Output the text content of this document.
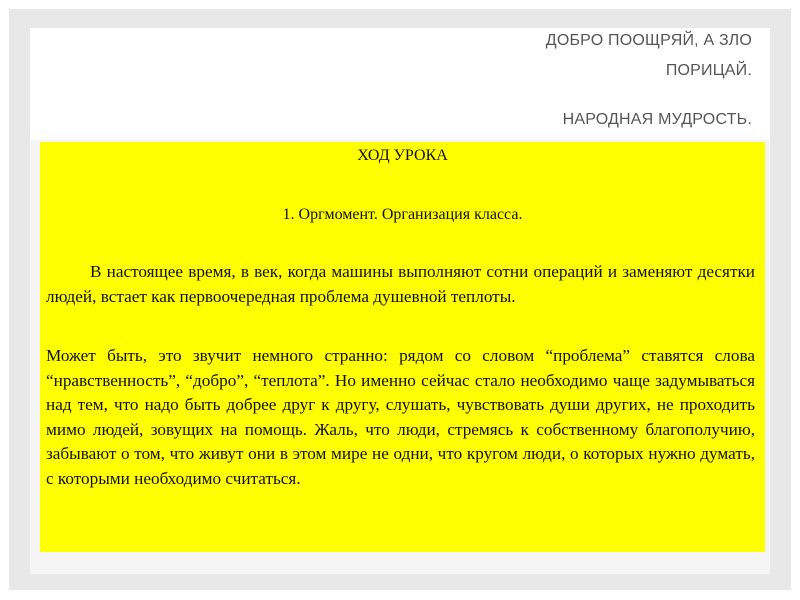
ДОБРО ПООЩРЯЙ, А ЗЛО
ПОРИЦАЙ.
НАРОДНАЯ МУДРОСТЬ.
ХОД УРОКА
1. Оргмомент. Организация класса.
В настоящее время, в век, когда машины выполняют сотни операций и заменяют десятки людей, встает как первоочередная проблема душевной теплоты.
Может быть, это звучит немного странно: рядом со словом “проблема” ставятся слова “нравственность”, “добро”, “теплота”. Но именно сейчас стало необходимо чаще задумываться над тем, что надо быть добрее друг к другу, слушать, чувствовать души других, не проходить мимо людей, зовущих на помощь. Жаль, что люди, стремясь к собственному благополучию, забывают о том, что живут они в этом мире не одни, что кругом люди, о которых нужно думать, с которыми необходимо считаться.
